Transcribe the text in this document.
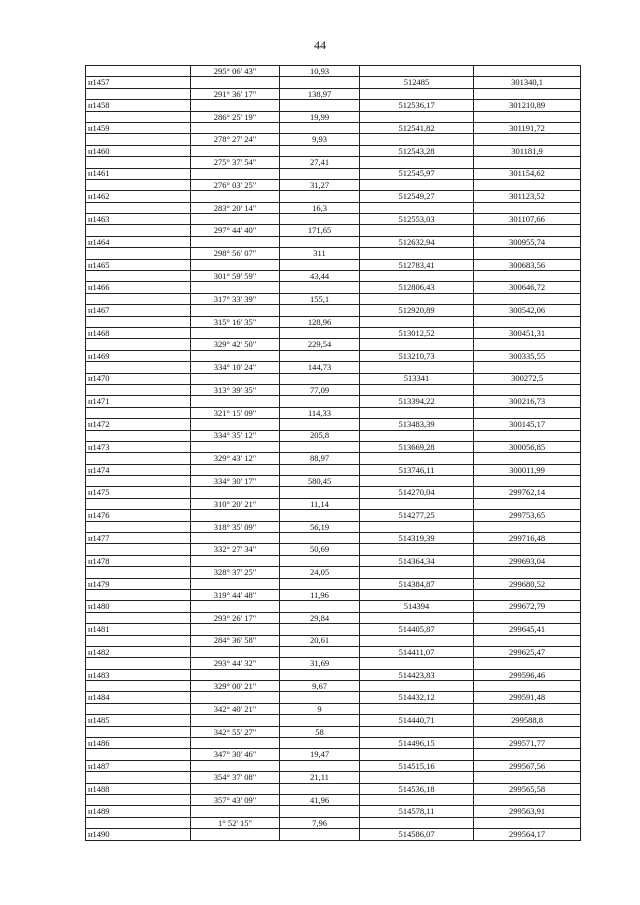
44
	295° 06' 43"	10,93		
н1457			512485	301340,1
	291° 36' 17"	138,97		
н1458			512536,17	301210,89
	286° 25' 19"	19,99		
н1459			512541,82	301191,72
	278° 27' 24"	9,93		
н1460			512543,28	301181,9
	275° 37' 54"	27,41		
н1461			512545,97	301154,62
	276° 03' 25"	31,27		
н1462			512549,27	301123,52
	283° 20' 14"	16,3		
н1463			512553,03	301107,66
	297° 44' 40"	171,65		
н1464			512632,94	300955,74
	298° 56' 07"	311		
н1465			512783,41	300683,56
	301° 59' 59"	43,44		
н1466			512806,43	300646,72
	317° 33' 39"	155,1		
н1467			512920,89	300542,06
	315° 16' 35"	128,96		
н1468			513012,52	300451,31
	329° 42' 50"	229,54		
н1469			513210,73	300335,55
	334° 10' 24"	144,73		
н1470			513341	300272,5
	313° 39' 35"	77,09		
н1471			513394,22	300216,73
	321° 15' 09"	114,33		
н1472			513483,39	300145,17
	334° 35' 12"	205,8		
н1473			513669,28	300056,85
	329° 43' 12"	88,97		
н1474			513746,11	300011,99
	334° 30' 17"	580,45		
н1475			514270,04	299762,14
	310° 20' 21"	11,14		
н1476			514277,25	299753,65
	318° 35' 09"	56,19		
н1477			514319,39	299716,48
	332° 27' 34"	50,69		
н1478			514364,34	299693,04
	328° 37' 25"	24,05		
н1479			514384,87	299680,52
	319° 44' 48"	11,96		
н1480			514394	299672,79
	293° 26' 17"	29,84		
н1481			514405,87	299645,41
	284° 36' 58"	20,61		
н1482			514411,07	299625,47
	293° 44' 32"	31,69		
н1483			514423,83	299596,46
	329° 00' 21"	9,67		
н1484			514432,12	299591,48
	342° 40' 21"	9		
н1485			514440,71	299588,8
	342° 55' 27"	58		
н1486			514496,15	299571,77
	347° 30' 46"	19,47		
н1487			514515,16	299567,56
	354° 37' 08"	21,11		
н1488			514536,18	299565,58
	357° 43' 09"	41,96		
н1489			514578,11	299563,91
	1° 52' 15"	7,96		
н1490			514586,07	299564,17
